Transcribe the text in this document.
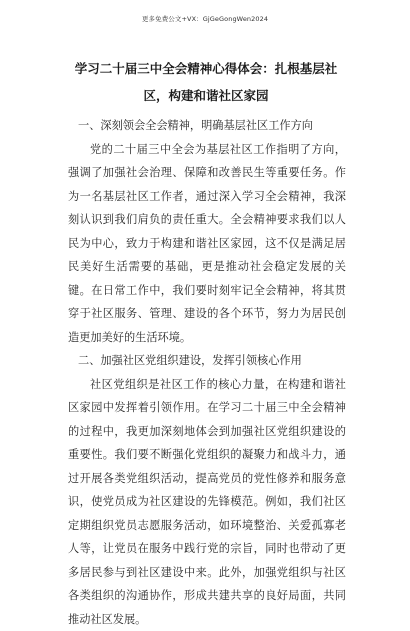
更多免费公文+VX：GjGeGongWen2024
学习二十届三中全会精神心得体会：扎根基层社区，构建和谐社区家园
一、深刻领会全会精神，明确基层社区工作方向

党的二十届三中全会为基层社区工作指明了方向，强调了加强社会治理、保障和改善民生等重要任务。作为一名基层社区工作者，通过深入学习全会精神，我深刻认识到我们肩负的责任重大。全会精神要求我们以人民为中心，致力于构建和谐社区家园，这不仅是满足居民美好生活需要的基础，更是推动社会稳定发展的关键。在日常工作中，我们要时刻牢记全会精神，将其贯穿于社区服务、管理、建设的各个环节，努力为居民创造更加美好的生活环境。

二、加强社区党组织建设，发挥引领核心作用

社区党组织是社区工作的核心力量，在构建和谐社区家园中发挥着引领作用。在学习二十届三中全会精神的过程中，我更加深刻地体会到加强社区党组织建设的重要性。我们要不断强化党组织的凝聚力和战斗力，通过开展各类党组织活动，提高党员的党性修养和服务意识，使党员成为社区建设的先锋模范。例如，我们社区定期组织党员志愿服务活动，如环境整治、关爱孤寡老人等，让党员在服务中践行党的宗旨，同时也带动了更多居民参与到社区建设中来。此外，加强党组织与社区各类组织的沟通协作，形成共建共享的良好局面，共同推动社区发展。
